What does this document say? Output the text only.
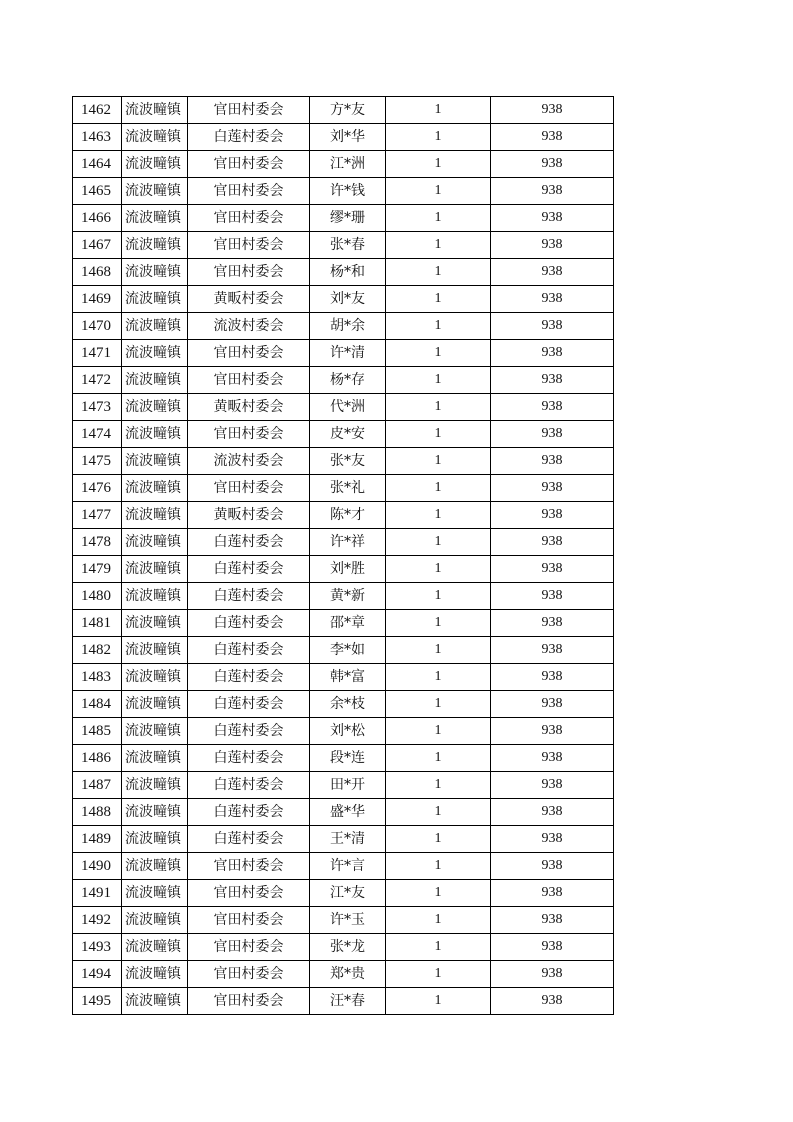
1462	流波疃镇	官田村委会	方*友	1	938
1463	流波疃镇	白莲村委会	刘*华	1	938
1464	流波疃镇	官田村委会	江*洲	1	938
1465	流波疃镇	官田村委会	许*钱	1	938
1466	流波疃镇	官田村委会	缪*珊	1	938
1467	流波疃镇	官田村委会	张*春	1	938
1468	流波疃镇	官田村委会	杨*和	1	938
1469	流波疃镇	黄畈村委会	刘*友	1	938
1470	流波疃镇	流波村委会	胡*余	1	938
1471	流波疃镇	官田村委会	许*清	1	938
1472	流波疃镇	官田村委会	杨*存	1	938
1473	流波疃镇	黄畈村委会	代*洲	1	938
1474	流波疃镇	官田村委会	皮*安	1	938
1475	流波疃镇	流波村委会	张*友	1	938
1476	流波疃镇	官田村委会	张*礼	1	938
1477	流波疃镇	黄畈村委会	陈*才	1	938
1478	流波疃镇	白莲村委会	许*祥	1	938
1479	流波疃镇	白莲村委会	刘*胜	1	938
1480	流波疃镇	白莲村委会	黄*新	1	938
1481	流波疃镇	白莲村委会	邵*章	1	938
1482	流波疃镇	白莲村委会	李*如	1	938
1483	流波疃镇	白莲村委会	韩*富	1	938
1484	流波疃镇	白莲村委会	余*枝	1	938
1485	流波疃镇	白莲村委会	刘*松	1	938
1486	流波疃镇	白莲村委会	段*连	1	938
1487	流波疃镇	白莲村委会	田*开	1	938
1488	流波疃镇	白莲村委会	盛*华	1	938
1489	流波疃镇	白莲村委会	王*清	1	938
1490	流波疃镇	官田村委会	许*言	1	938
1491	流波疃镇	官田村委会	江*友	1	938
1492	流波疃镇	官田村委会	许*玉	1	938
1493	流波疃镇	官田村委会	张*龙	1	938
1494	流波疃镇	官田村委会	郑*贵	1	938
1495	流波疃镇	官田村委会	汪*春	1	938
